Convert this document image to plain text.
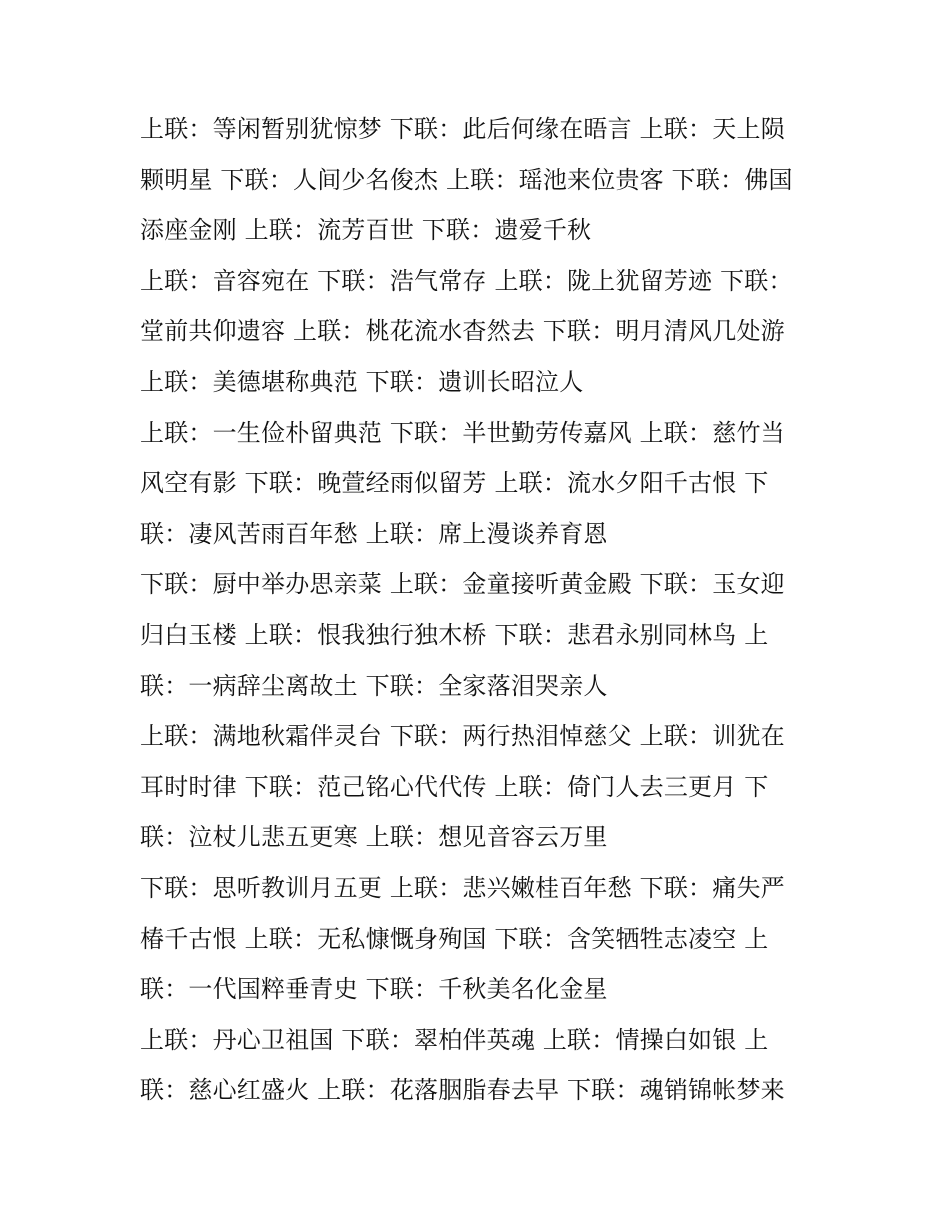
上联：等闲暂别犹惊梦 下联：此后何缘在晤言 上联：天上陨
颗明星 下联：人间少名俊杰 上联：瑶池来位贵客 下联：佛国
添座金刚 上联：流芳百世 下联：遗爱千秋
上联：音容宛在 下联：浩气常存 上联：陇上犹留芳迹 下联：
堂前共仰遗容 上联：桃花流水杳然去 下联：明月清风几处游
上联：美德堪称典范 下联：遗训长昭泣人
上联：一生俭朴留典范 下联：半世勤劳传嘉风 上联：慈竹当
风空有影 下联：晚萱经雨似留芳 上联：流水夕阳千古恨 下
联：凄风苦雨百年愁 上联：席上漫谈养育恩
下联：厨中举办思亲菜 上联：金童接听黄金殿 下联：玉女迎
归白玉楼 上联：恨我独行独木桥 下联：悲君永别同林鸟 上
联：一病辞尘离故土 下联：全家落泪哭亲人
上联：满地秋霜伴灵台 下联：两行热泪悼慈父 上联：训犹在
耳时时律 下联：范己铭心代代传 上联：倚门人去三更月 下
联：泣杖儿悲五更寒 上联：想见音容云万里
下联：思听教训月五更 上联：悲兴嫩桂百年愁 下联：痛失严
椿千古恨 上联：无私慷慨身殉国 下联：含笑牺牲志凌空 上
联：一代国粹垂青史 下联：千秋美名化金星
上联：丹心卫祖国 下联：翠柏伴英魂 上联：情操白如银 上
联：慈心红盛火 上联：花落胭脂春去早 下联：魂销锦帐梦来
